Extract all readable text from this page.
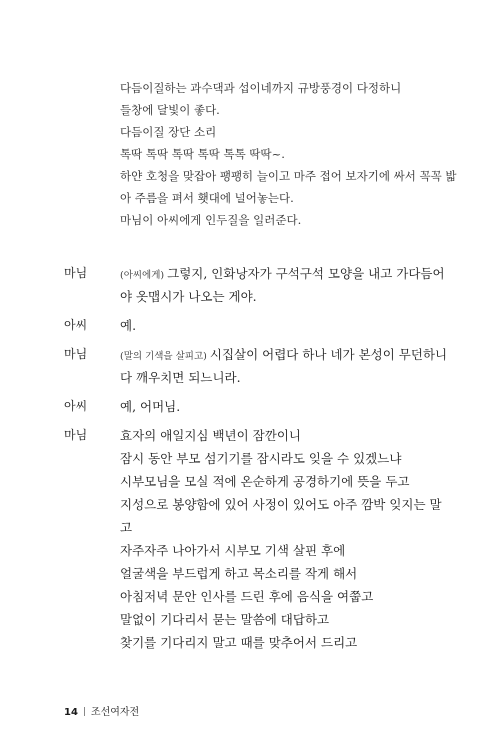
다듬이질하는 과수댁과 섭이네까지 규방풍경이 다정하니
들창에 달빛이 좋다.
다듬이질 장단 소리
톡딱 톡딱 톡딱 톡딱 톡톡 딱딱~.
하얀 호청을 맞잡아 팽팽히 늘이고 마주 접어 보자기에 싸서 꼭꼭 밟
아 주름을 펴서 횃대에 널어놓는다.
마님이 아씨에게 인두질을 일러준다.
마님	(아씨에게) 그렇지, 인화낭자가 구석구석 모양을 내고 가다듬어
야 옷맵시가 나오는 게야.
아씨	예.
마님	(말의 기색을 살피고) 시집살이 어렵다 하나 네가 본성이 무던하니
다 깨우치면 되느니라.
아씨	예, 어머님.
마님	효자의 애일지심 백년이 잠깐이니
잠시 동안 부모 섬기기를 잠시라도 잊을 수 있겠느냐
시부모님을 모실 적에 온순하게 공경하기에 뜻을 두고
지성으로 봉양함에 있어 사정이 있어도 아주 깜박 잊지는 말
고
자주자주 나아가서 시부모 기색 살핀 후에
얼굴색을 부드럽게 하고 목소리를 작게 해서
아침저녁 문안 인사를 드린 후에 음식을 여쭙고
말없이 기다리서 묻는 말씀에 대답하고
찾기를 기다리지 말고 때를 맞추어서 드리고
14 조선여자전
